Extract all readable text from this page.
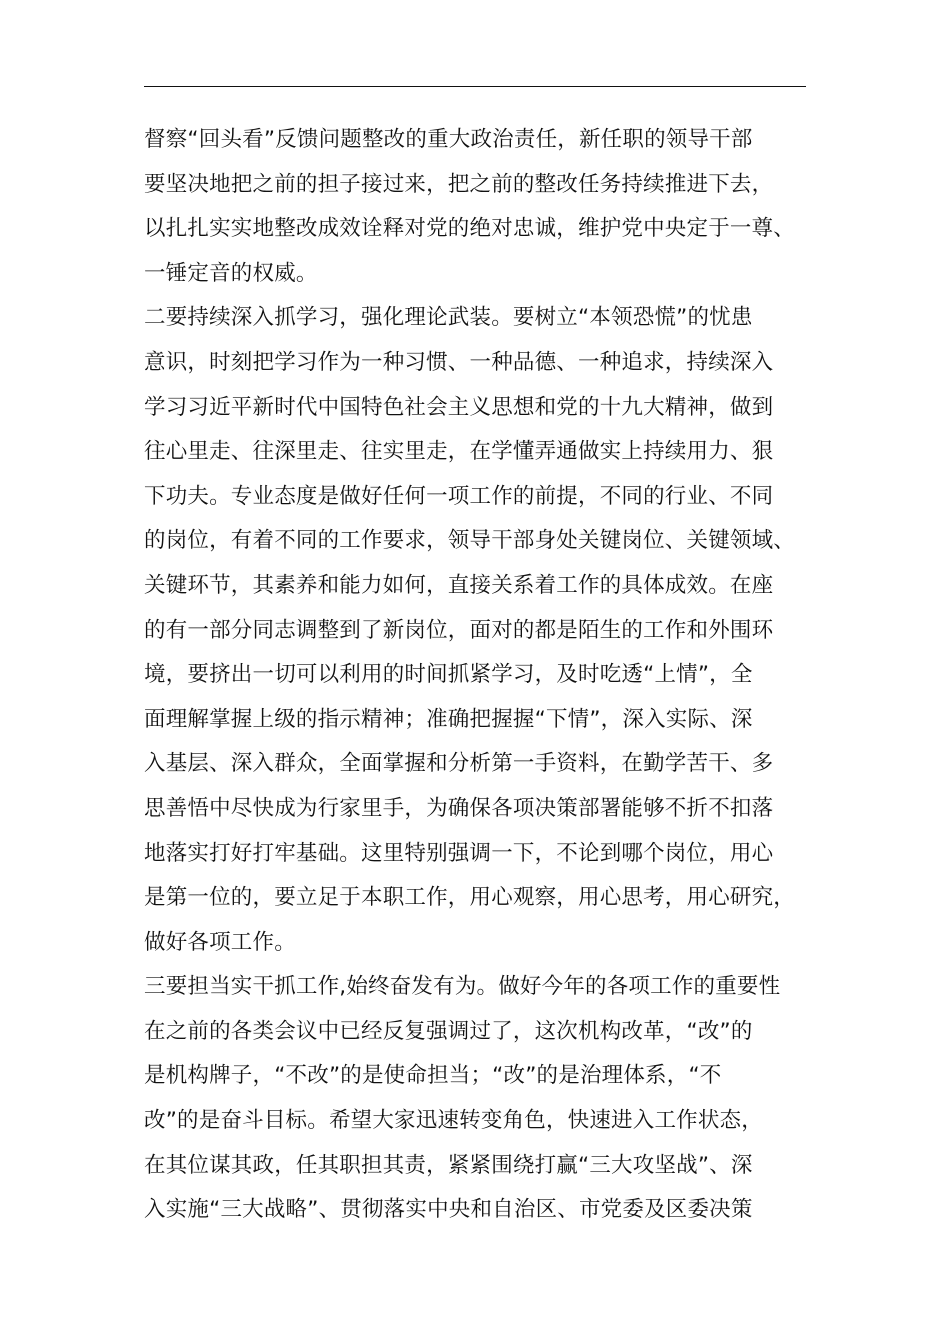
督察“回头看”反馈问题整改的重大政治责任，新任职的领导干部
要坚决地把之前的担子接过来，把之前的整改任务持续推进下去，
以扎扎实实地整改成效诠释对党的绝对忠诚，维护党中央定于一尊、
一锤定音的权威。
二要持续深入抓学习，强化理论武装。要树立“本领恐慌”的忧患
意识，时刻把学习作为一种习惯、一种品德、一种追求，持续深入
学习习近平新时代中国特色社会主义思想和党的十九大精神，做到
往心里走、往深里走、往实里走，在学懂弄通做实上持续用力、狠
下功夫。专业态度是做好任何一项工作的前提，不同的行业、不同
的岗位，有着不同的工作要求，领导干部身处关键岗位、关键领域、
关键环节，其素养和能力如何，直接关系着工作的具体成效。在座
的有一部分同志调整到了新岗位，面对的都是陌生的工作和外围环
境，要挤出一切可以利用的时间抓紧学习，及时吃透“上情”，全
面理解掌握上级的指示精神；准确把握握“下情”，深入实际、深
入基层、深入群众，全面掌握和分析第一手资料，在勤学苦干、多
思善悟中尽快成为行家里手，为确保各项决策部署能够不折不扣落
地落实打好打牢基础。这里特别强调一下，不论到哪个岗位，用心
是第一位的，要立足于本职工作，用心观察，用心思考，用心研究，
做好各项工作。
三要担当实干抓工作,始终奋发有为。做好今年的各项工作的重要性
在之前的各类会议中已经反复强调过了，这次机构改革，“改”的
是机构牌子，“不改”的是使命担当；“改”的是治理体系，“不
改”的是奋斗目标。希望大家迅速转变角色，快速进入工作状态，
在其位谋其政，任其职担其责，紧紧围绕打赢“三大攻坚战”、深
入实施“三大战略”、贯彻落实中央和自治区、市党委及区委决策
